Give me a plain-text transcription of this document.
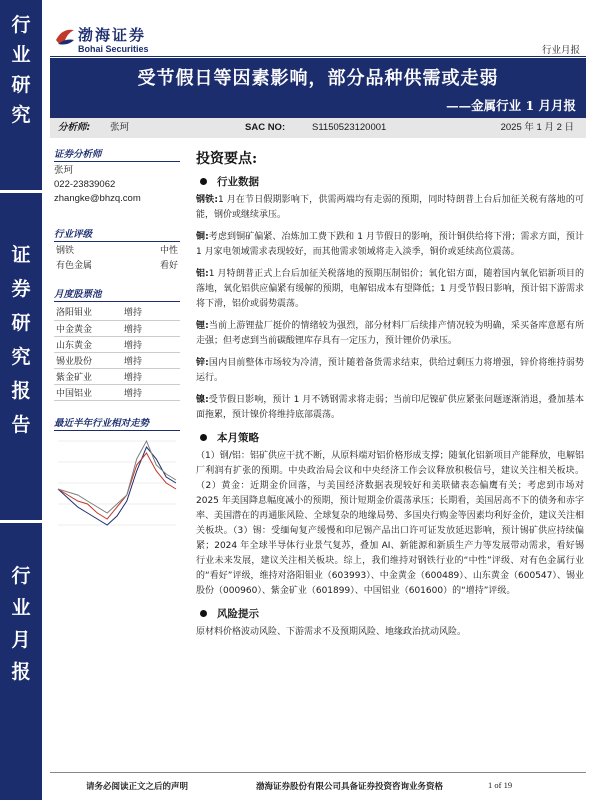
行
业
研
究
证
券
研
究
报
告
行
业
月
报
渤海证券
Bohai Securities	行业月报
受节假日等因素影响，部分品种供需或走弱
——金属行业 1 月月报
分析师: 张珂	SAC NO:	S1150523120001	2025 年 1 月 2 日
证券分析师
张珂
022-23839062
zhangke@bhzq.com
行业评级
钢铁	中性
有色金属	看好
月度股票池
洛阳钼业	增持
中金黄金	增持
山东黄金	增持
锡业股份	增持
紫金矿业	增持
中国铝业	增持
最近半年行业相对走势
投资要点:
行业数据
钢铁:1 月在节日假期影响下，供需两端均有走弱的预期，同时特朗普上台后加征关税有落地的可能，钢价或继续承压。
铜:考虑到铜矿偏紧、冶炼加工费下跌和 1 月节假日的影响，预计铜供给将下滑；需求方面，预计 1 月家电领域需求表现较好，而其他需求领域将走入淡季，铜价或延续高位震荡。
铝:1 月特朗普正式上台后加征关税落地的预期压制铝价；氧化铝方面，随着国内氧化铝新项目的落地，氧化铝供应偏紧有缓解的预期，电解铝成本有望降低；1 月受节假日影响，预计铝下游需求将下滑，铝价或弱势震荡。
锂:当前上游锂盐厂挺价的情绪较为强烈，部分材料厂后续排产情况较为明确，采买备库意愿有所走强；但考虑到当前碳酸锂库存具有一定压力，预计锂价仍承压。
锌:国内目前整体市场较为冷清，预计随着备货需求结束，供给过剩压力将增强，锌价将维持弱势运行。
镍:受节假日影响，预计 1 月不锈钢需求将走弱；当前印尼镍矿供应紧张问题逐渐消退，叠加基本面拖累，预计镍价将维持底部震荡。
本月策略
（1）钢/铝：铝矿供应干扰不断，从原料端对铝价格形成支撑；随氧化铝新项目产能释放，电解铝厂利润有扩张的预期。中央政治局会议和中央经济工作会议释放积极信号，建议关注相关板块。（2）黄金：近期金价回落，与美国经济数据表现较好和美联储表态偏鹰有关；考虑到市场对 2025 年美国降息幅度减小的预期，预计短期金价震荡承压；长期看，美国居高不下的债务和赤字率、美国潜在的再通胀风险、全球复杂的地缘局势、多国央行购金等因素均利好金价，建议关注相关板块。（3）锡：受缅甸复产缓慢和印尼锡产品出口许可证发放延迟影响，预计锡矿供应持续偏紧；2024 年全球半导体行业景气复苏，叠加 AI、新能源和新质生产力等发展带动需求，看好锡行业未来发展，建议关注相关板块。综上，我们维持对钢铁行业的“中性”评级、对有色金属行业的“看好”评级，维持对洛阳钼业（603993）、中金黄金（600489）、山东黄金（600547）、锡业股份（000960）、紫金矿业（601899）、中国铝业（601600）的“增持”评级。
风险提示
原材料价格波动风险、下游需求不及预期风险、地缘政治扰动风险。
请务必阅读正文之后的声明	渤海证券股份有限公司具备证券投资咨询业务资格	1 of 19
